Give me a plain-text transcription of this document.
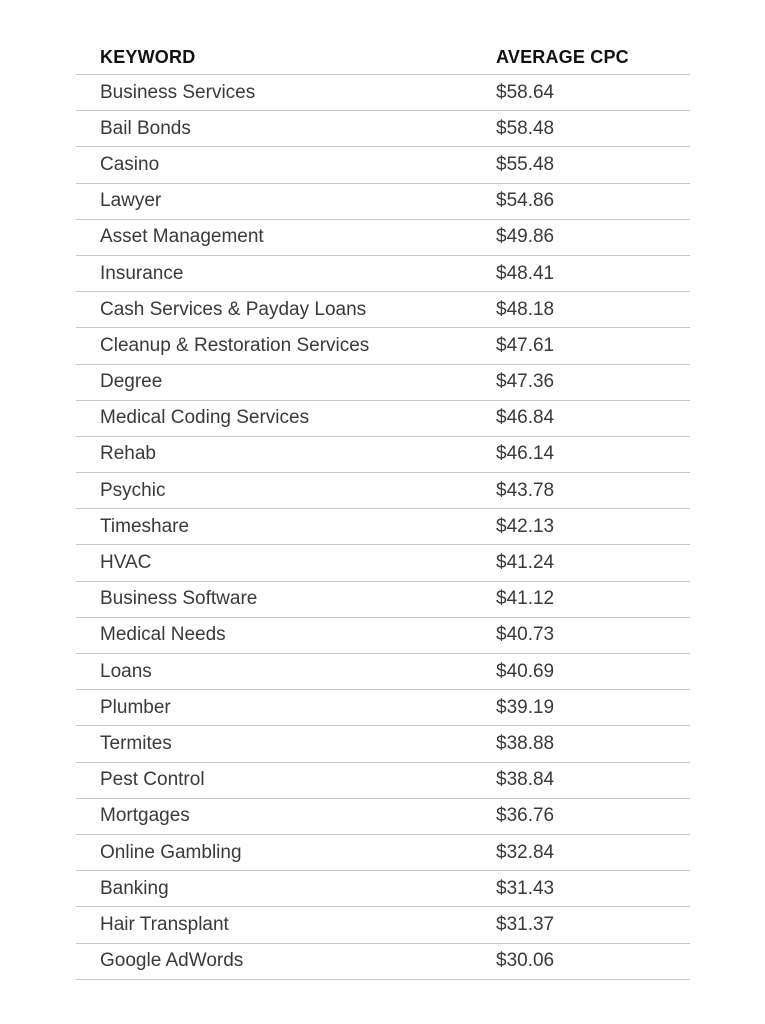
KEYWORD	AVERAGE CPC
Business Services	$58.64
Bail Bonds	$58.48
Casino	$55.48
Lawyer	$54.86
Asset Management	$49.86
Insurance	$48.41
Cash Services & Payday Loans	$48.18
Cleanup & Restoration Services	$47.61
Degree	$47.36
Medical Coding Services	$46.84
Rehab	$46.14
Psychic	$43.78
Timeshare	$42.13
HVAC	$41.24
Business Software	$41.12
Medical Needs	$40.73
Loans	$40.69
Plumber	$39.19
Termites	$38.88
Pest Control	$38.84
Mortgages	$36.76
Online Gambling	$32.84
Banking	$31.43
Hair Transplant	$31.37
Google AdWords	$30.06
